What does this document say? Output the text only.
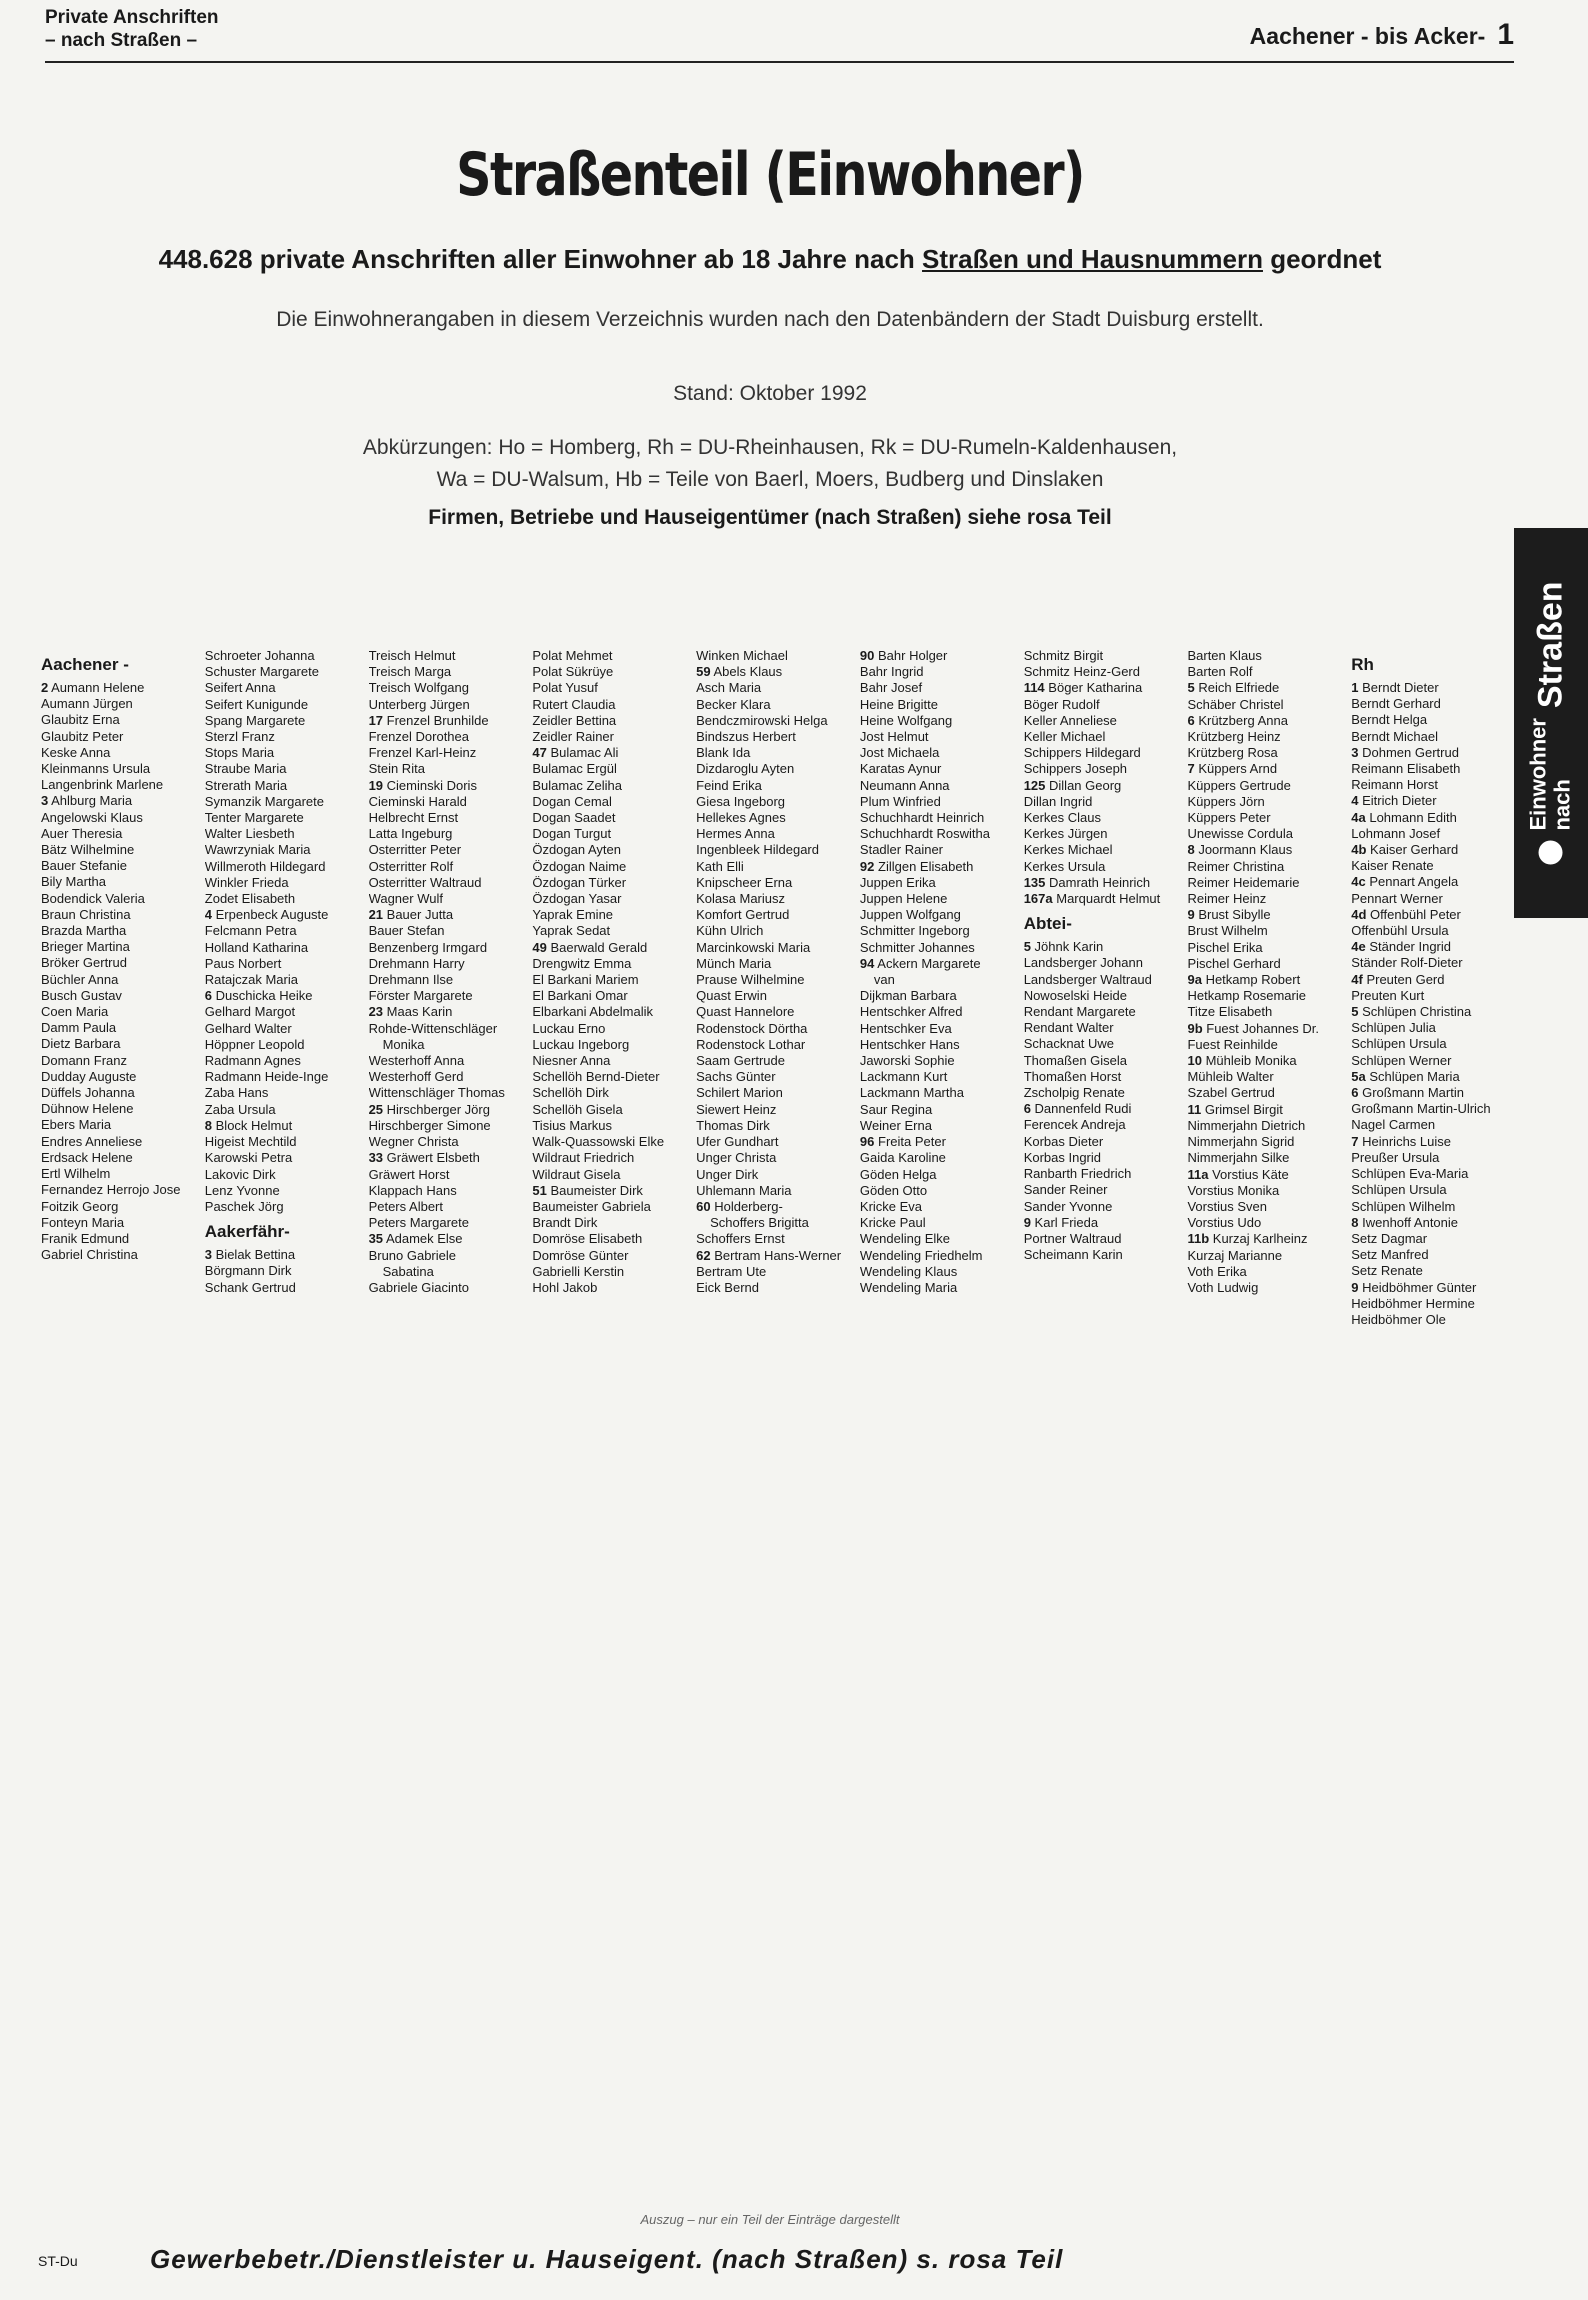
Private Anschriften
– nach Straßen –	Aachener - bis Acker- 1
Straßenteil (Einwohner)
448.628 private Anschriften aller Einwohner ab 18 Jahre nach Straßen und Hausnummern geordnet
Die Einwohnerangaben in diesem Verzeichnis wurden nach den Datenbändern der Stadt Duisburg erstellt.
Stand: Oktober 1992
Abkürzungen: Ho = Homberg, Rh = DU-Rheinhausen, Rk = DU-Rumeln-Kaldenhausen,
Wa = DU-Walsum, Hb = Teile von Baerl, Moers, Budberg und Dinslaken
Firmen, Betriebe und Hauseigentümer (nach Straßen) siehe rosa Teil
Einwohner
nach
Straßen
Aachener -
2 Aumann Helene
Aumann Jürgen
Glaubitz Erna
Glaubitz Peter
Keske Anna
Kleinmanns Ursula
Langenbrink Marlene
3 Ahlburg Maria
Angelowski Klaus
Auer Theresia
Bätz Wilhelmine
Bauer Stefanie
Bily Martha
Bodendick Valeria
Braun Christina
Brazda Martha
Brieger Martina
Bröker Gertrud
Büchler Anna
Busch Gustav
Coen Maria
Damm Paula
Dietz Barbara
Domann Franz
Dudday Auguste
Düffels Johanna
Dühnow Helene
Ebers Maria
Endres Anneliese
Erdsack Helene
Ertl Wilhelm
Fernandez Herrojo Jose
Foitzik Georg
Fonteyn Maria
Franik Edmund
Gabriel Christina
Schroeter Johanna
Schuster Margarete
Seifert Anna
Seifert Kunigunde
Spang Margarete
Sterzl Franz
Stops Maria
Straube Maria
Strerath Maria
Symanzik Margarete
Tenter Margarete
Walter Liesbeth
Wawrzyniak Maria
Willmeroth Hildegard
Winkler Frieda
Zodet Elisabeth
4 Erpenbeck Auguste
Felcmann Petra
Holland Katharina
Paus Norbert
Ratajczak Maria
6 Duschicka Heike
Gelhard Margot
Gelhard Walter
Höppner Leopold
Radmann Agnes
Radmann Heide-Inge
Zaba Hans
Zaba Ursula
8 Block Helmut
Higeist Mechtild
Karowski Petra
Lakovic Dirk
Lenz Yvonne
Paschek Jörg
Aakerfähr-
3 Bielak Bettina
Börgmann Dirk
Schank Gertrud
Treisch Helmut
Treisch Marga
Treisch Wolfgang
Unterberg Jürgen
17 Frenzel Brunhilde
Frenzel Dorothea
Frenzel Karl-Heinz
Stein Rita
19 Cieminski Doris
Cieminski Harald
Helbrecht Ernst
Latta Ingeburg
Osterritter Peter
Osterritter Rolf
Osterritter Waltraud
Wagner Wulf
21 Bauer Jutta
Bauer Stefan
Benzenberg Irmgard
Drehmann Harry
Drehmann Ilse
Förster Margarete
23 Maas Karin
Rohde-Wittenschläger
Monika
Westerhoff Anna
Westerhoff Gerd
Wittenschläger Thomas
25 Hirschberger Jörg
Hirschberger Simone
Wegner Christa
33 Gräwert Elsbeth
Gräwert Horst
Klappach Hans
Peters Albert
Peters Margarete
35 Adamek Else
Bruno Gabriele
Sabatina
Gabriele Giacinto
Polat Mehmet
Polat Sükrüye
Polat Yusuf
Rutert Claudia
Zeidler Bettina
Zeidler Rainer
47 Bulamac Ali
Bulamac Ergül
Bulamac Zeliha
Dogan Cemal
Dogan Saadet
Dogan Turgut
Özdogan Ayten
Özdogan Naime
Özdogan Türker
Özdogan Yasar
Yaprak Emine
Yaprak Sedat
49 Baerwald Gerald
Drengwitz Emma
El Barkani Mariem
El Barkani Omar
Elbarkani Abdelmalik
Luckau Erno
Luckau Ingeborg
Niesner Anna
Schellöh Bernd-Dieter
Schellöh Dirk
Schellöh Gisela
Tisius Markus
Walk-Quassowski Elke
Wildraut Friedrich
Wildraut Gisela
51 Baumeister Dirk
Baumeister Gabriela
Brandt Dirk
Domröse Elisabeth
Domröse Günter
Gabrielli Kerstin
Hohl Jakob
Winken Michael
59 Abels Klaus
Asch Maria
Becker Klara
Bendczmirowski Helga
Bindszus Herbert
Blank Ida
Dizdaroglu Ayten
Feind Erika
Giesa Ingeborg
Hellekes Agnes
Hermes Anna
Ingenbleek Hildegard
Kath Elli
Knipscheer Erna
Kolasa Mariusz
Komfort Gertrud
Kühn Ulrich
Marcinkowski Maria
Münch Maria
Prause Wilhelmine
Quast Erwin
Quast Hannelore
Rodenstock Dörtha
Rodenstock Lothar
Saam Gertrude
Sachs Günter
Schilert Marion
Siewert Heinz
Thomas Dirk
Ufer Gundhart
Unger Christa
Unger Dirk
Uhlemann Maria
60 Holderberg-
Schoffers Brigitta
Schoffers Ernst
62 Bertram Hans-Werner
Bertram Ute
Eick Bernd
90 Bahr Holger
Bahr Ingrid
Bahr Josef
Heine Brigitte
Heine Wolfgang
Jost Helmut
Jost Michaela
Karatas Aynur
Neumann Anna
Plum Winfried
Schuchhardt Heinrich
Schuchhardt Roswitha
Stadler Rainer
92 Zillgen Elisabeth
Juppen Erika
Juppen Helene
Juppen Wolfgang
Schmitter Ingeborg
Schmitter Johannes
94 Ackern Margarete
van
Dijkman Barbara
Hentschker Alfred
Hentschker Eva
Hentschker Hans
Jaworski Sophie
Lackmann Kurt
Lackmann Martha
Saur Regina
Weiner Erna
96 Freita Peter
Gaida Karoline
Göden Helga
Göden Otto
Kricke Eva
Kricke Paul
Wendeling Elke
Wendeling Friedhelm
Wendeling Klaus
Wendeling Maria
Schmitz Birgit
Schmitz Heinz-Gerd
114 Böger Katharina
Böger Rudolf
Keller Anneliese
Keller Michael
Schippers Hildegard
Schippers Joseph
125 Dillan Georg
Dillan Ingrid
Kerkes Claus
Kerkes Jürgen
Kerkes Michael
Kerkes Ursula
135 Damrath Heinrich
167a Marquardt Helmut
Abtei-
5 Jöhnk Karin
Landsberger Johann
Landsberger Waltraud
Nowoselski Heide
Rendant Margarete
Rendant Walter
Schacknat Uwe
Thomaßen Gisela
Thomaßen Horst
Zscholpig Renate
6 Dannenfeld Rudi
Ferencek Andreja
Korbas Dieter
Korbas Ingrid
Ranbarth Friedrich
Sander Reiner
Sander Yvonne
9 Karl Frieda
Portner Waltraud
Scheimann Karin
Barten Klaus
Barten Rolf
5 Reich Elfriede
Schäber Christel
6 Krützberg Anna
Krützberg Heinz
Krützberg Rosa
7 Küppers Arnd
Küppers Gertrude
Küppers Jörn
Küppers Peter
Unewisse Cordula
8 Joormann Klaus
Reimer Christina
Reimer Heidemarie
Reimer Heinz
9 Brust Sibylle
Brust Wilhelm
Pischel Erika
Pischel Gerhard
9a Hetkamp Robert
Hetkamp Rosemarie
Titze Elisabeth
9b Fuest Johannes Dr.
Fuest Reinhilde
10 Mühleib Monika
Mühleib Walter
Szabel Gertrud
11 Grimsel Birgit
Nimmerjahn Dietrich
Nimmerjahn Sigrid
Nimmerjahn Silke
11a Vorstius Käte
Vorstius Monika
Vorstius Sven
Vorstius Udo
11b Kurzaj Karlheinz
Kurzaj Marianne
Voth Erika
Voth Ludwig
Rh
1 Berndt Dieter
Berndt Gerhard
Berndt Helga
Berndt Michael
3 Dohmen Gertrud
Reimann Elisabeth
Reimann Horst
4 Eitrich Dieter
4a Lohmann Edith
Lohmann Josef
4b Kaiser Gerhard
Kaiser Renate
4c Pennart Angela
Pennart Werner
4d Offenbühl Peter
Offenbühl Ursula
4e Ständer Ingrid
Ständer Rolf-Dieter
4f Preuten Gerd
Preuten Kurt
5 Schlüpen Christina
Schlüpen Julia
Schlüpen Ursula
Schlüpen Werner
5a Schlüpen Maria
6 Großmann Martin
Großmann Martin-Ulrich
Nagel Carmen
7 Heinrichs Luise
Preußer Ursula
Schlüpen Eva-Maria
Schlüpen Ursula
Schlüpen Wilhelm
8 Iwenhoff Antonie
Setz Dagmar
Setz Manfred
Setz Renate
9 Heidböhmer Günter
Heidböhmer Hermine
Heidböhmer Ole
Auszug – nur ein Teil der Einträge dargestellt
ST-Du	Gewerbebetr./Dienstleister u. Hauseigent. (nach Straßen) s. rosa Teil
